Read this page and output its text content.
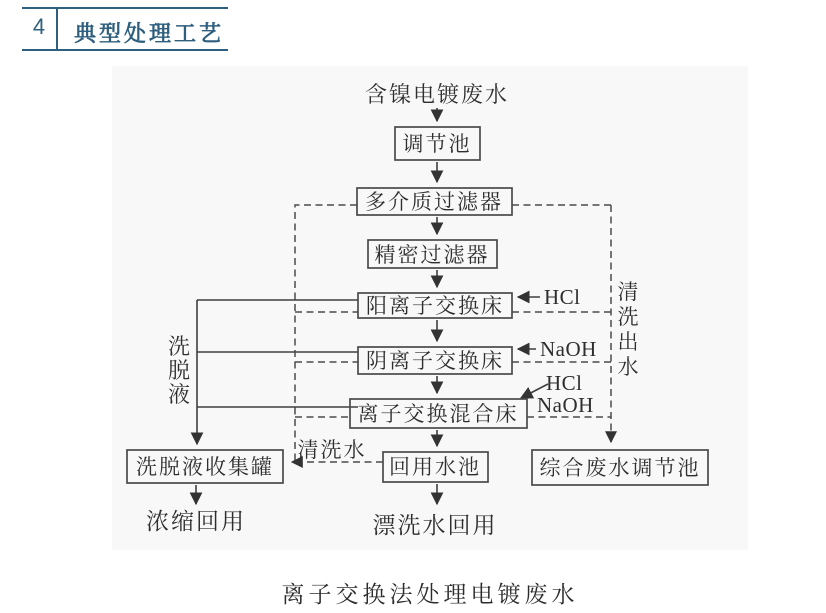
4	典型处理工艺
含镍电镀废水
调节池
多介质过滤器
精密过滤器
阳离子交换床
阴离子交换床
离子交换混合床
洗脱液收集罐	回用水池	综合废水调节池
HCl
NaOH
HCl
NaOH
洗脱液
清洗出水
清洗水
浓缩回用	漂洗水回用
离子交换法处理电镀废水
